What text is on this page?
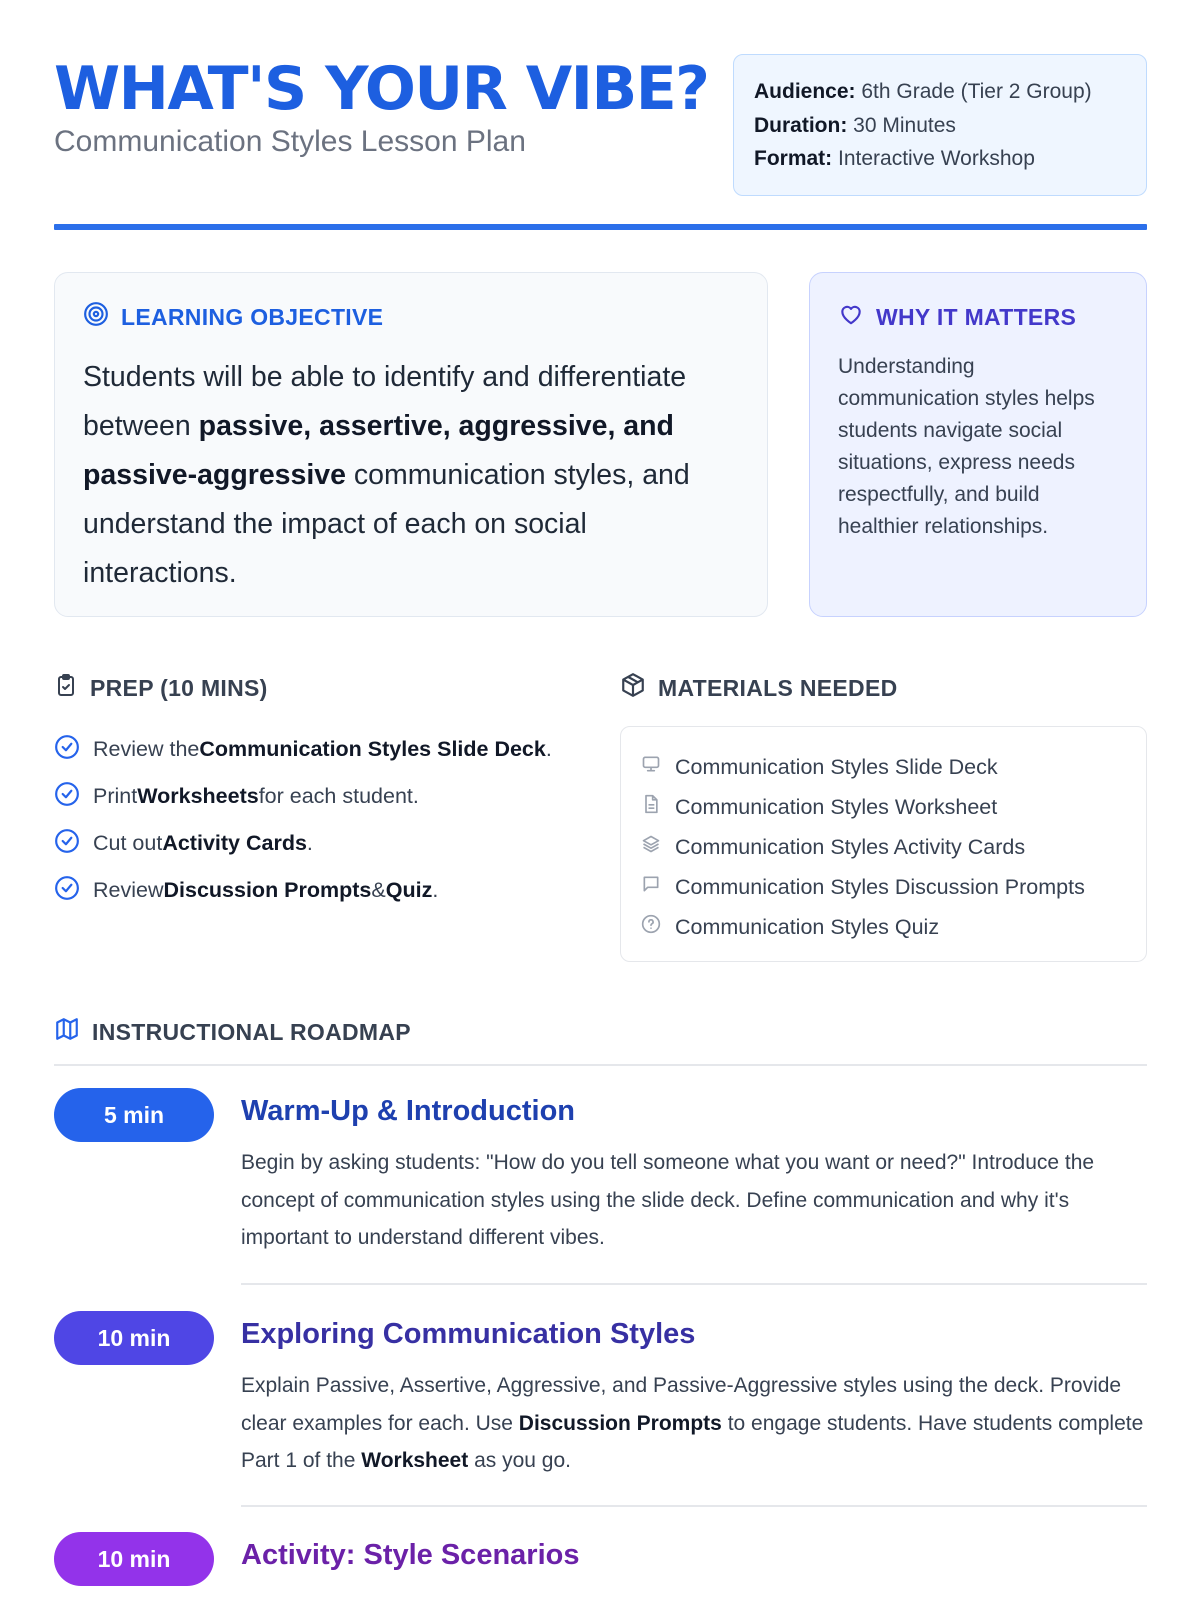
WHAT'S YOUR VIBE?
Communication Styles Lesson Plan
Audience: 6th Grade (Tier 2 Group)
Duration: 30 Minutes
Format: Interactive Workshop
LEARNING OBJECTIVE

Students will be able to identify and differentiate between passive, assertive, aggressive, and passive-aggressive communication styles, and understand the impact of each on social interactions.

WHY IT MATTERS

Understanding communication styles helps students navigate social situations, express needs respectfully, and build healthier relationships.

PREP (10 MINS)
Review theCommunication Styles Slide Deck.
PrintWorksheetsfor each student.
Cut outActivity Cards.
ReviewDiscussion Prompts&Quiz.
MATERIALS NEEDED
Communication Styles Slide Deck
Communication Styles Worksheet
Communication Styles Activity Cards
Communication Styles Discussion Prompts
Communication Styles Quiz
INSTRUCTIONAL ROADMAP
5 min	Warm-Up & Introduction

Begin by asking students: "How do you tell someone what you want or need?" Introduce the concept of communication styles using the slide deck. Define communication and why it's important to understand different vibes.

10 min	Exploring Communication Styles

Explain Passive, Assertive, Aggressive, and Passive-Aggressive styles using the deck. Provide clear examples for each. Use Discussion Prompts to engage students. Have students complete Part 1 of the Worksheet as you go.

10 min	Activity: Style Scenarios
